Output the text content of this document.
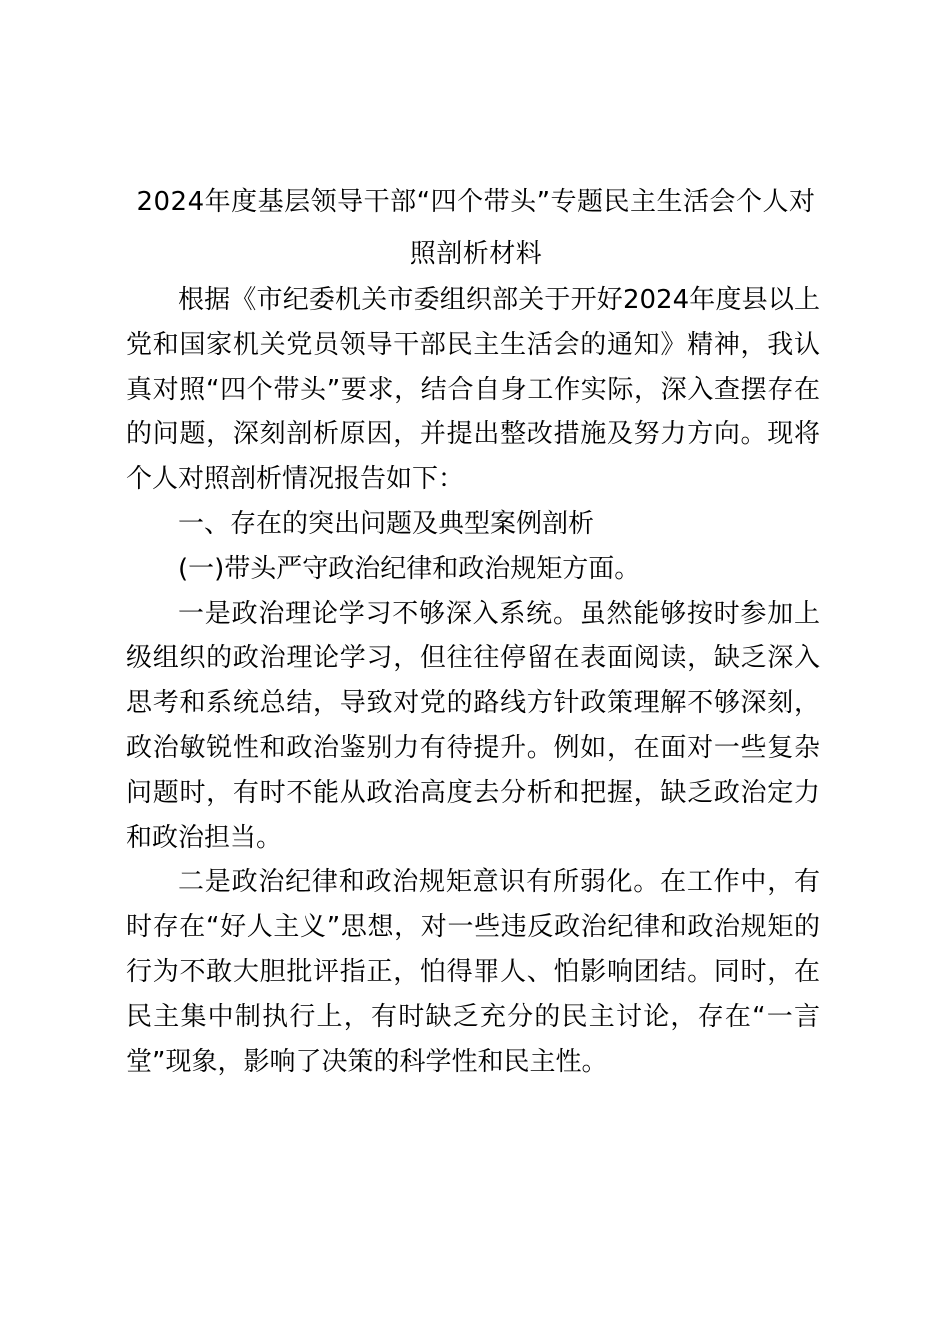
2024年度基层领导干部“四个带头”专题民主生活会个人对照剖析材料

根据《市纪委机关市委组织部关于开好2024年度县以上党和国家机关党员领导干部民主生活会的通知》精神，我认真对照“四个带头”要求，结合自身工作实际，深入查摆存在的问题，深刻剖析原因，并提出整改措施及努力方向。现将个人对照剖析情况报告如下：

一、存在的突出问题及典型案例剖析

(一)带头严守政治纪律和政治规矩方面。

一是政治理论学习不够深入系统。虽然能够按时参加上级组织的政治理论学习，但往往停留在表面阅读，缺乏深入思考和系统总结，导致对党的路线方针政策理解不够深刻，政治敏锐性和政治鉴别力有待提升。例如，在面对一些复杂问题时，有时不能从政治高度去分析和把握，缺乏政治定力和政治担当。

二是政治纪律和政治规矩意识有所弱化。在工作中，有时存在“好人主义”思想，对一些违反政治纪律和政治规矩的行为不敢大胆批评指正，怕得罪人、怕影响团结。同时，在民主集中制执行上，有时缺乏充分的民主讨论，存在“一言堂”现象，影响了决策的科学性和民主性。
